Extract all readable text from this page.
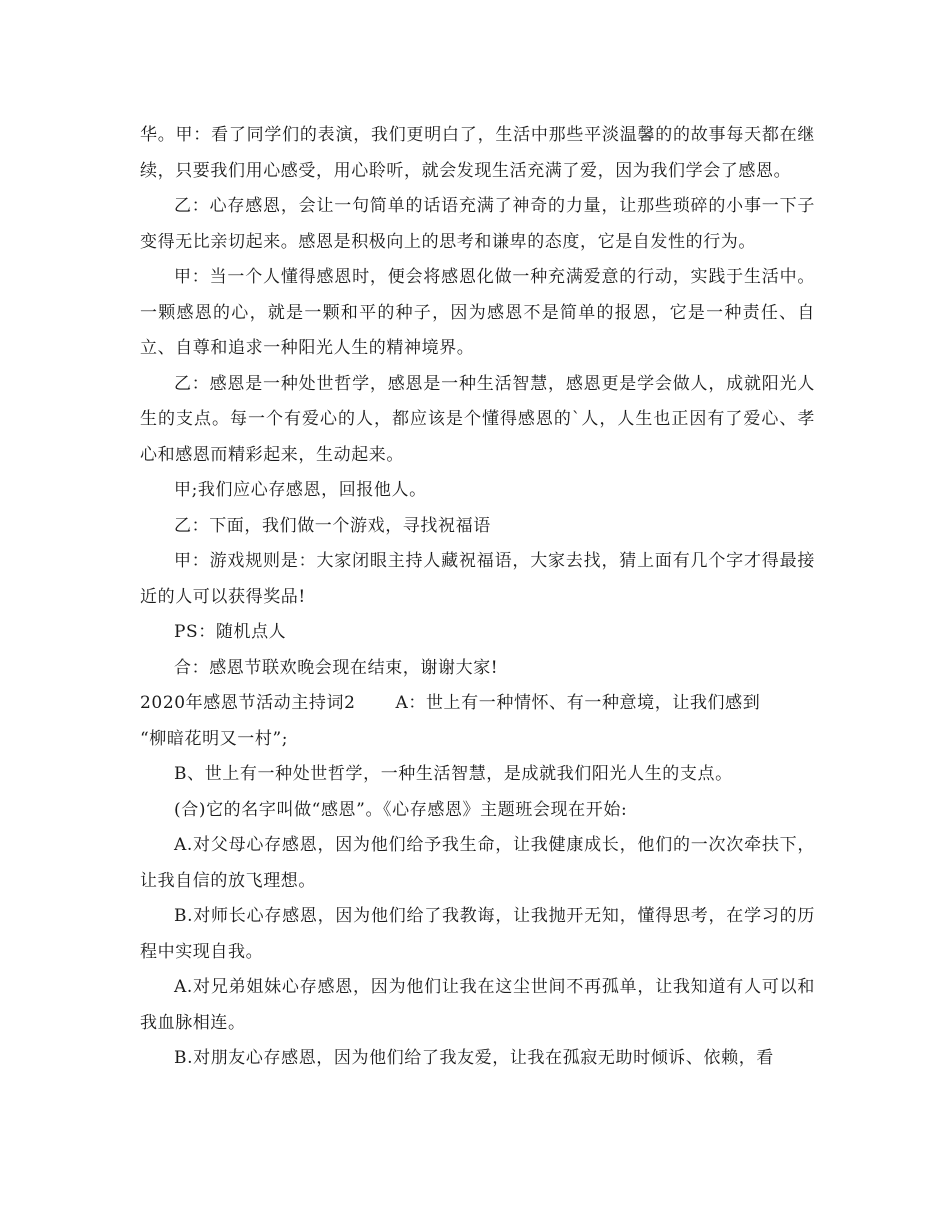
华。甲：看了同学们的表演，我们更明白了，生活中那些平淡温馨的的故事每天都在继续，只要我们用心感受，用心聆听，就会发现生活充满了爱，因为我们学会了感恩。

乙：心存感恩，会让一句简单的话语充满了神奇的力量，让那些琐碎的小事一下子变得无比亲切起来。感恩是积极向上的思考和谦卑的态度，它是自发性的行为。

甲：当一个人懂得感恩时，便会将感恩化做一种充满爱意的行动，实践于生活中。一颗感恩的心，就是一颗和平的种子，因为感恩不是简单的报恩，它是一种责任、自立、自尊和追求一种阳光人生的精神境界。

乙：感恩是一种处世哲学，感恩是一种生活智慧，感恩更是学会做人，成就阳光人生的支点。每一个有爱心的人，都应该是个懂得感恩的`人，人生也正因有了爱心、孝心和感恩而精彩起来，生动起来。

甲;我们应心存感恩，回报他人。

乙：下面，我们做一个游戏，寻找祝福语

甲：游戏规则是：大家闭眼主持人藏祝福语，大家去找，猜上面有几个字才得最接近的人可以获得奖品!

PS：随机点人

合：感恩节联欢晚会现在结束，谢谢大家!

2020年感恩节活动主持词2 A：世上有一种情怀、有一种意境，让我们感到

“柳暗花明又一村”;

B、世上有一种处世哲学，一种生活智慧，是成就我们阳光人生的支点。

(合)它的名字叫做“感恩”。《心存感恩》主题班会现在开始:

A.对父母心存感恩，因为他们给予我生命，让我健康成长，他们的一次次牵扶下，让我自信的放飞理想。

B.对师长心存感恩，因为他们给了我教诲，让我抛开无知，懂得思考，在学习的历程中实现自我。

A.对兄弟姐妹心存感恩，因为他们让我在这尘世间不再孤单，让我知道有人可以和我血脉相连。

B.对朋友心存感恩，因为他们给了我友爱，让我在孤寂无助时倾诉、依赖，看
